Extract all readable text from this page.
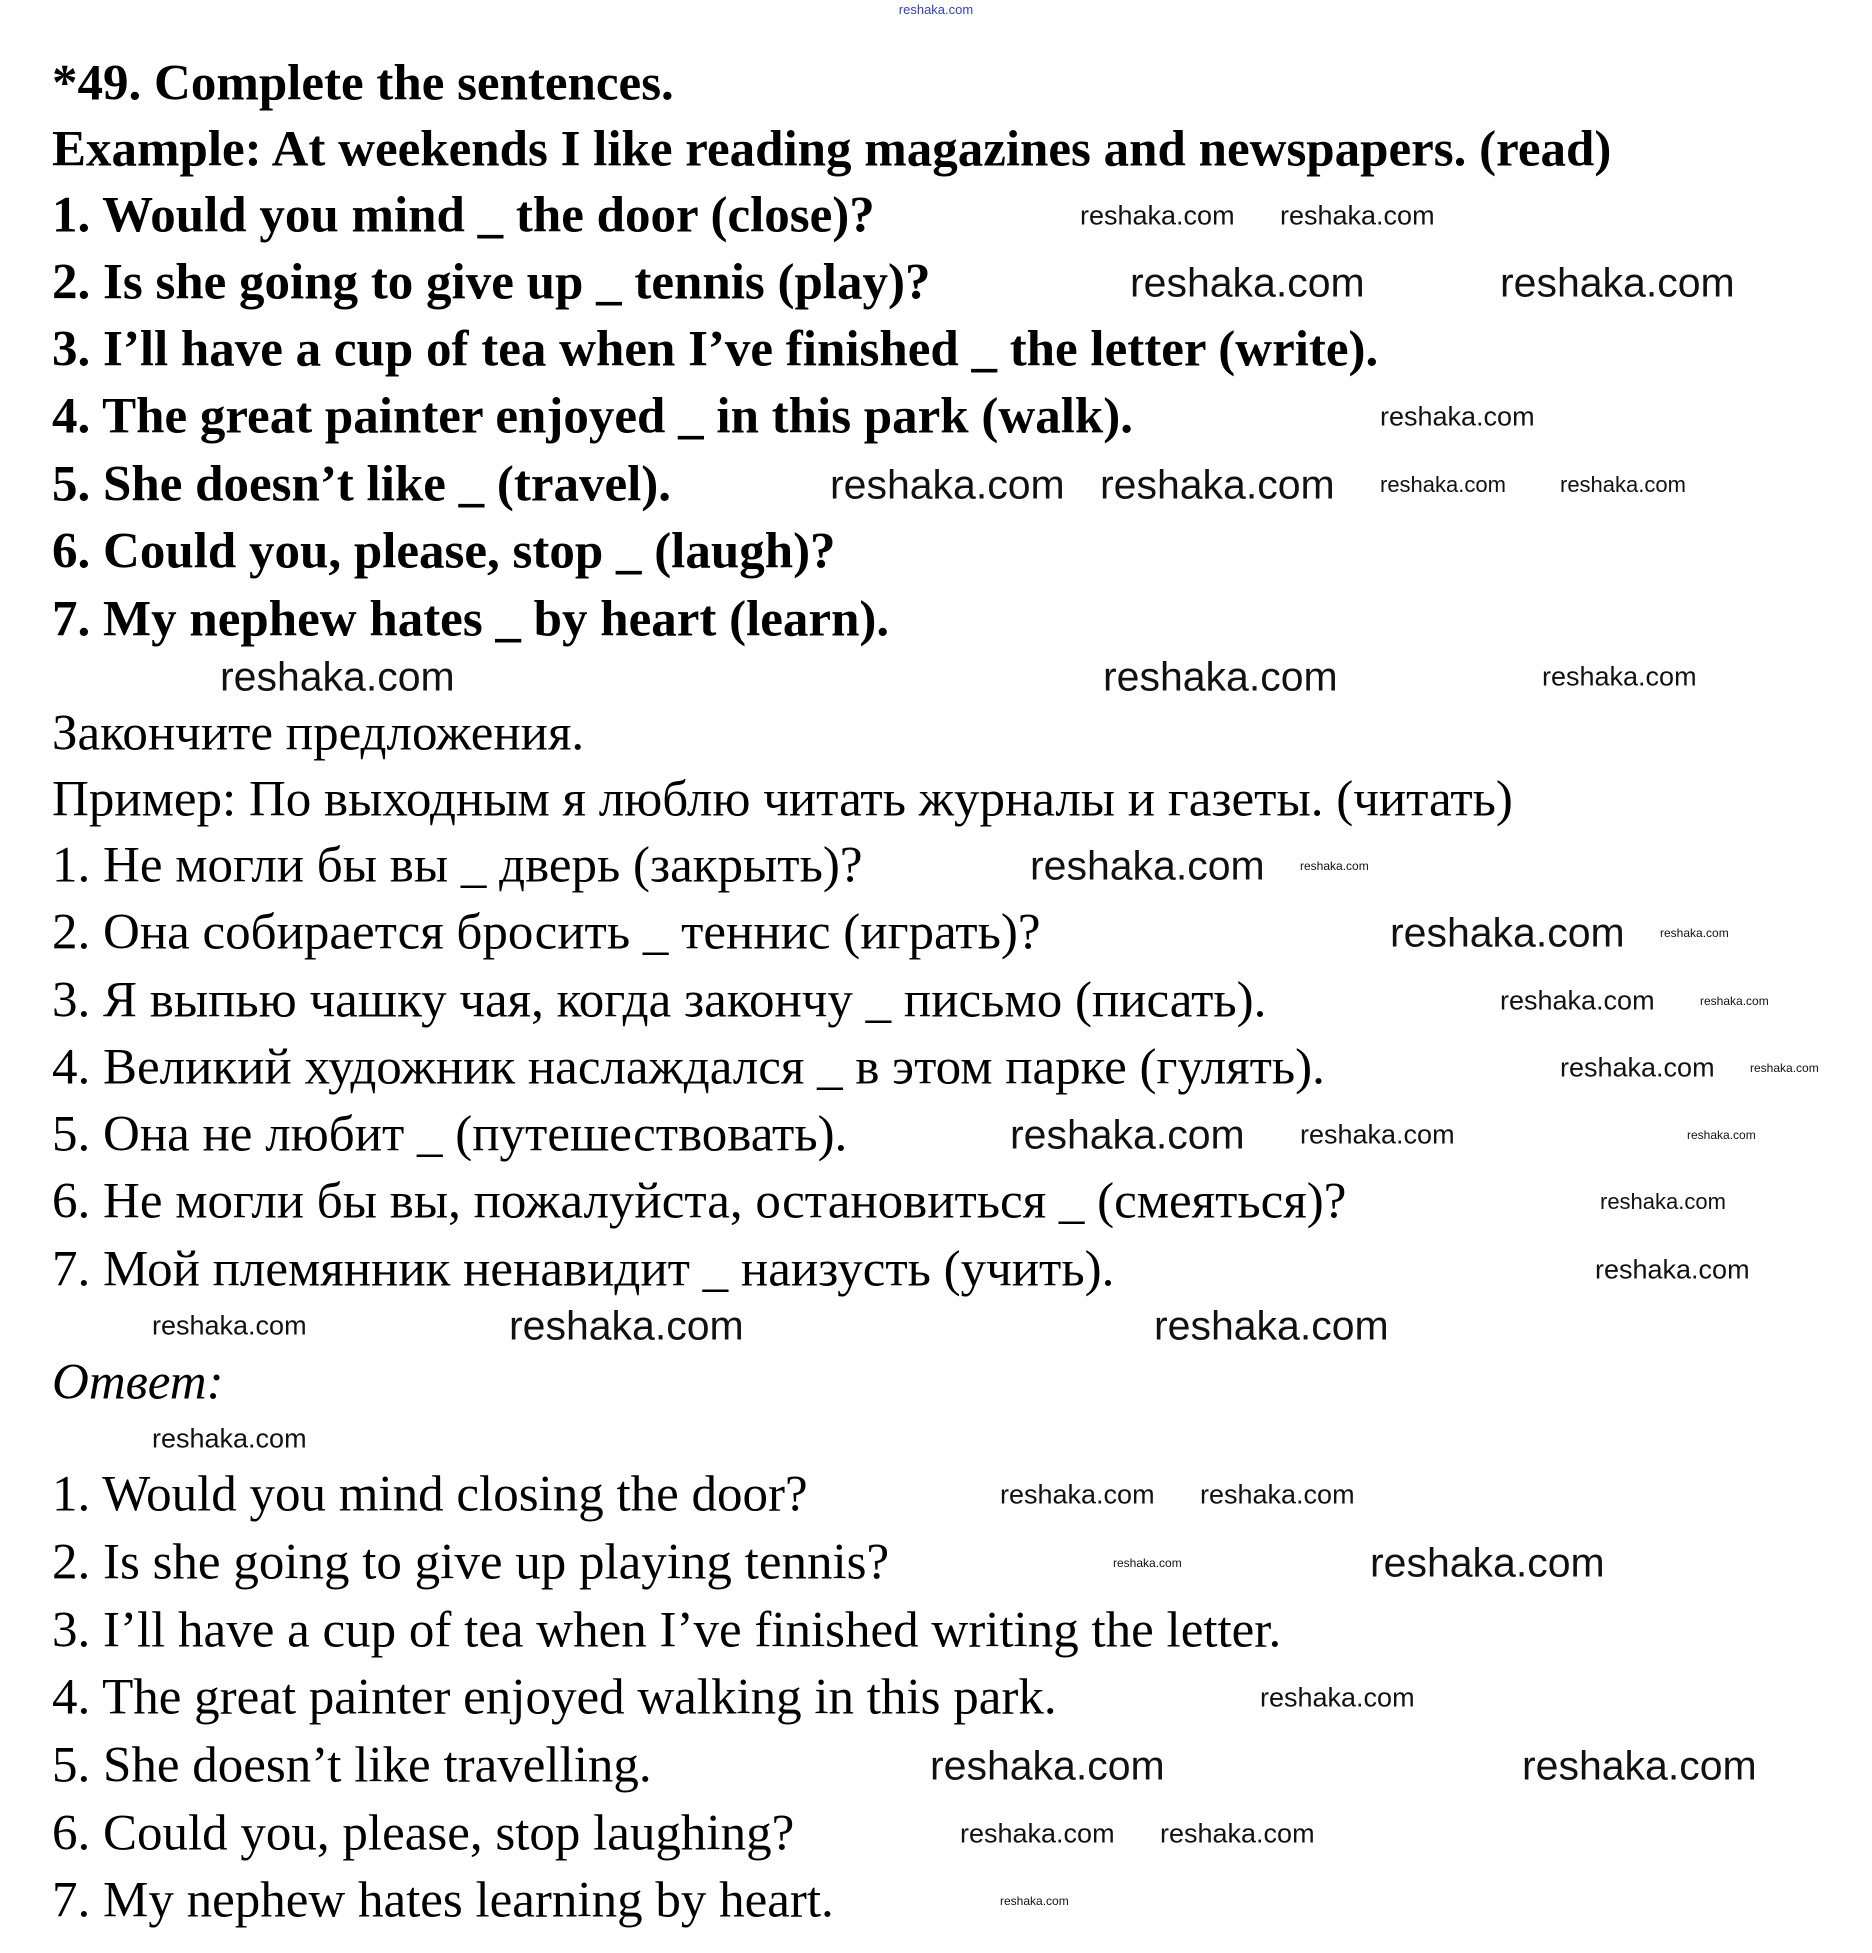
reshaka.com
*49. Complete the sentences.
Example: At weekends I like reading magazines and newspapers. (read)
1. Would you mind _ the door (close)?
2. Is she going to give up _ tennis (play)?
3. I’ll have a cup of tea when I’ve finished _ the letter (write).
4. The great painter enjoyed _ in this park (walk).
5. She doesn’t like _ (travel).
6. Could you, please, stop _ (laugh)?
7. My nephew hates _ by heart (learn).
Закончите предложения.
Пример: По выходным я люблю читать журналы и газеты. (читать)
1. Не могли бы вы _ дверь (закрыть)?
2. Она собирается бросить _ теннис (играть)?
3. Я выпью чашку чая, когда закончу _ письмо (писать).
4. Великий художник наслаждался _ в этом парке (гулять).
5. Она не любит _ (путешествовать).
6. Не могли бы вы, пожалуйста, остановиться _ (смеяться)?
7. Мой племянник ненавидит _ наизусть (учить).
Ответ:
1. Would you mind closing the door?
2. Is she going to give up playing tennis?
3. I’ll have a cup of tea when I’ve finished writing the letter.
4. The great painter enjoyed walking in this park.
5. She doesn’t like travelling.
6. Could you, please, stop laughing?
7. My nephew hates learning by heart.
reshaka.com	reshaka.com
reshaka.com reshaka.com
reshaka.com
reshaka.com
reshaka.com
reshaka.com
reshaka.com
reshaka.com	reshaka.com
reshaka.com
reshaka.com	reshaka.com
reshaka.com reshaka.com
reshaka.com
reshaka.com
reshaka.com
reshaka.com
reshaka.com
reshaka.com
reshaka.com
reshaka.com
reshaka.com reshaka.com
reshaka.com
reshaka.com reshaka.com
reshaka.com reshaka.com
reshaka.com
reshaka.com
reshaka.com
reshaka.com
reshaka.com
reshaka.com
reshaka.com
reshaka.com
